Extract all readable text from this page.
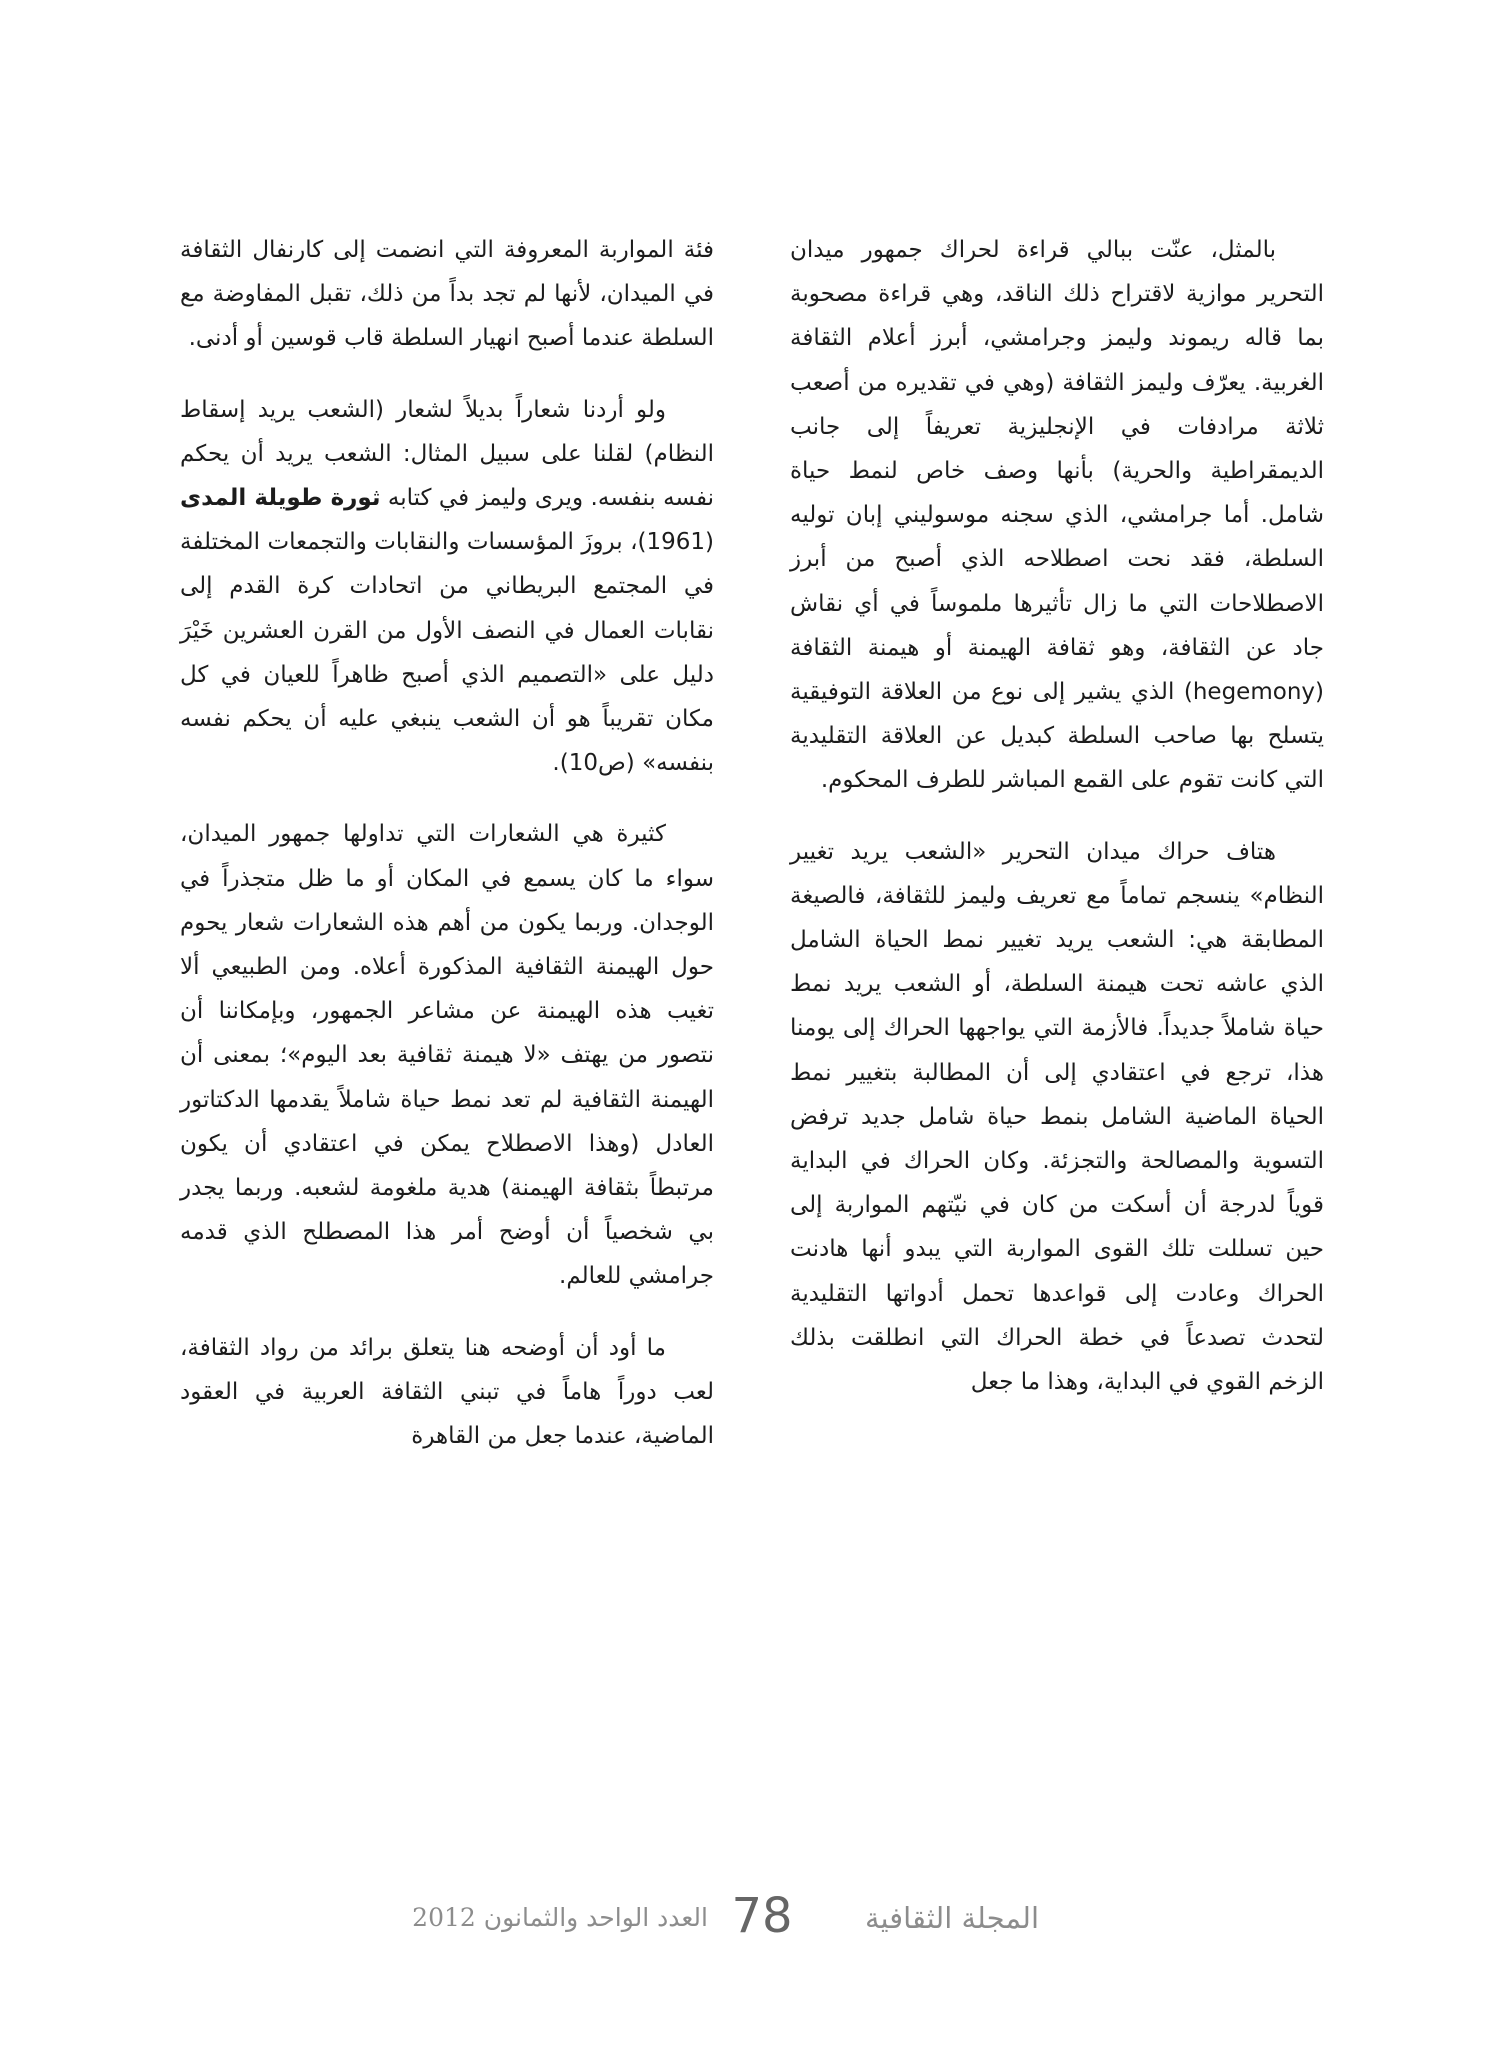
بالمثل، عنّت ببالي قراءة لحراك جمهور ميدان التحرير موازية لاقتراح ذلك الناقد، وهي قراءة مصحوبة بما قاله ريموند وليمز وجرامشي، أبرز أعلام الثقافة الغربية. يعرّف وليمز الثقافة (وهي في تقديره من أصعب ثلاثة مرادفات في الإنجليزية تعريفاً إلى جانب الديمقراطية والحرية) بأنها وصف خاص لنمط حياة شامل. أما جرامشي، الذي سجنه موسوليني إبان توليه السلطة، فقد نحت اصطلاحه الذي أصبح من أبرز الاصطلاحات التي ما زال تأثيرها ملموساً في أي نقاش جاد عن الثقافة، وهو ثقافة الهيمنة أو هيمنة الثقافة (hegemony) الذي يشير إلى نوع من العلاقة التوفيقية يتسلح بها صاحب السلطة كبديل عن العلاقة التقليدية التي كانت تقوم على القمع المباشر للطرف المحكوم.

هتاف حراك ميدان التحرير «الشعب يريد تغيير النظام» ينسجم تماماً مع تعريف وليمز للثقافة، فالصيغة المطابقة هي: الشعب يريد تغيير نمط الحياة الشامل الذي عاشه تحت هيمنة السلطة، أو الشعب يريد نمط حياة شاملاً جديداً. فالأزمة التي يواجهها الحراك إلى يومنا هذا، ترجع في اعتقادي إلى أن المطالبة بتغيير نمط الحياة الماضية الشامل بنمط حياة شامل جديد ترفض التسوية والمصالحة والتجزئة. وكان الحراك في البداية قوياً لدرجة أن أسكت من كان في نيّتهم المواربة إلى حين تسللت تلك القوى المواربة التي يبدو أنها هادنت الحراك وعادت إلى قواعدها تحمل أدواتها التقليدية لتحدث تصدعاً في خطة الحراك التي انطلقت بذلك الزخم القوي في البداية، وهذا ما جعل

فئة المواربة المعروفة التي انضمت إلى كارنفال الثقافة في الميدان، لأنها لم تجد بداً من ذلك، تقبل المفاوضة مع السلطة عندما أصبح انهيار السلطة قاب قوسين أو أدنى.

ولو أردنا شعاراً بديلاً لشعار (الشعب يريد إسقاط النظام) لقلنا على سبيل المثال: الشعب يريد أن يحكم نفسه بنفسه. ويرى وليمز في كتابه ثورة طويلة المدى (1961)، بروزَ المؤسسات والنقابات والتجمعات المختلفة في المجتمع البريطاني من اتحادات كرة القدم إلى نقابات العمال في النصف الأول من القرن العشرين خَيْرَ دليل على «التصميم الذي أصبح ظاهراً للعيان في كل مكان تقريباً هو أن الشعب ينبغي عليه أن يحكم نفسه بنفسه» (ص10).

كثيرة هي الشعارات التي تداولها جمهور الميدان، سواء ما كان يسمع في المكان أو ما ظل متجذراً في الوجدان. وربما يكون من أهم هذه الشعارات شعار يحوم حول الهيمنة الثقافية المذكورة أعلاه. ومن الطبيعي ألا تغيب هذه الهيمنة عن مشاعر الجمهور، وبإمكاننا أن نتصور من يهتف «لا هيمنة ثقافية بعد اليوم»؛ بمعنى أن الهيمنة الثقافية لم تعد نمط حياة شاملاً يقدمها الدكتاتور العادل (وهذا الاصطلاح يمكن في اعتقادي أن يكون مرتبطاً بثقافة الهيمنة) هدية ملغومة لشعبه. وربما يجدر بي شخصياً أن أوضح أمر هذا المصطلح الذي قدمه جرامشي للعالم.

ما أود أن أوضحه هنا يتعلق برائد من رواد الثقافة، لعب دوراً هاماً في تبني الثقافة العربية في العقود الماضية، عندما جعل من القاهرة

المجلة الثقافية
78
العدد الواحد والثمانون 2012
